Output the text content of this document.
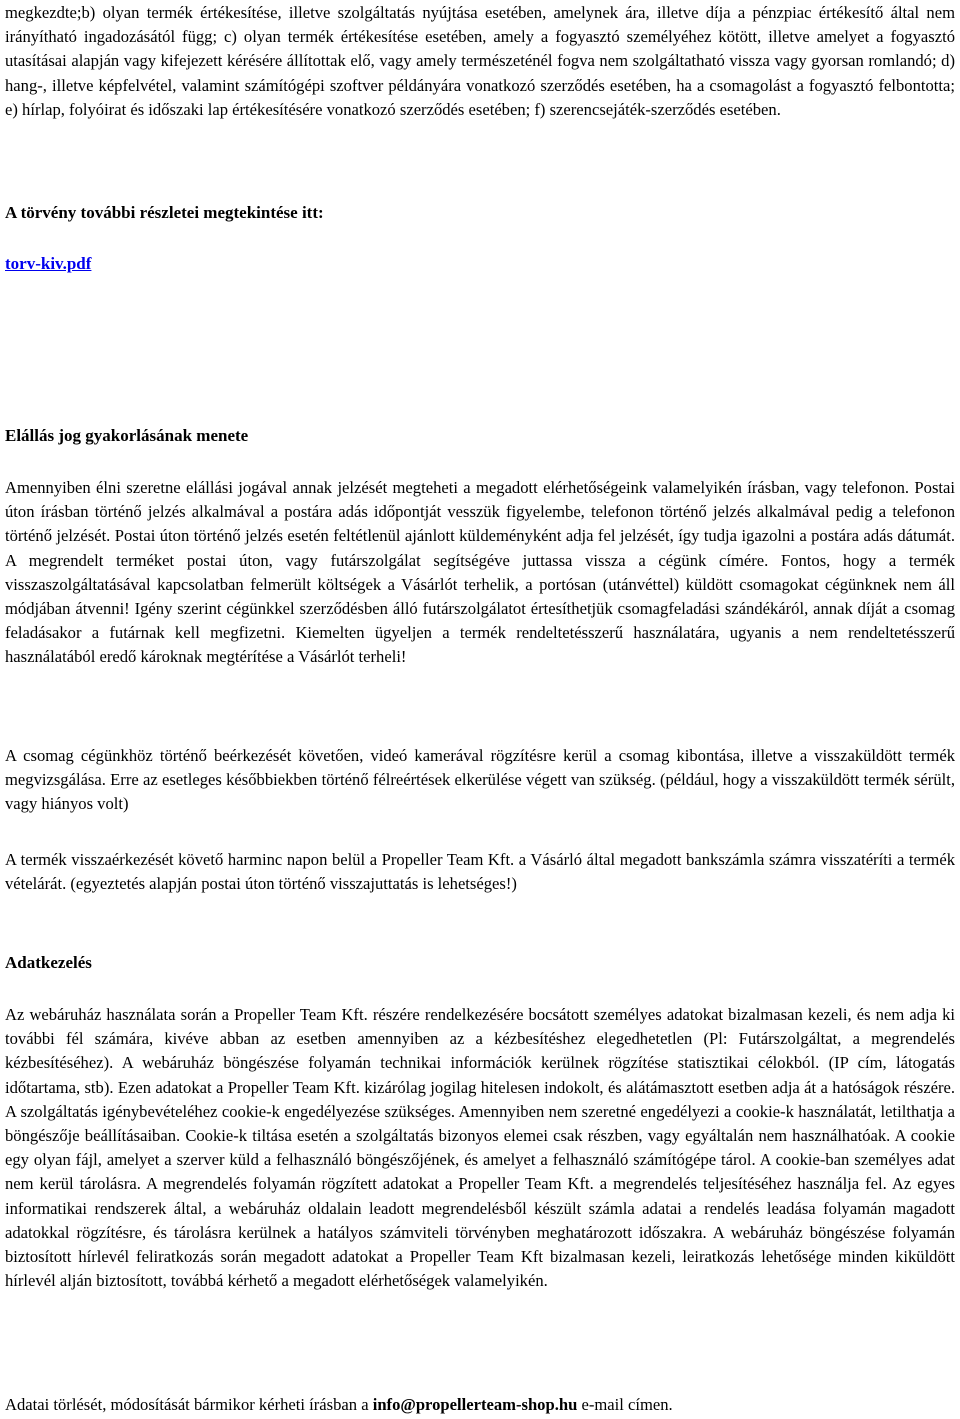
megkezdte;b) olyan termék értékesítése, illetve szolgáltatás nyújtása esetében, amelynek ára, illetve díja a pénzpiac értékesítő által nem irányítható ingadozásától függ; c) olyan termék értékesítése esetében, amely a fogyasztó személyéhez kötött, illetve amelyet a fogyasztó utasításai alapján vagy kifejezett kérésére állítottak elő, vagy amely természeténél fogva nem szolgáltatható vissza vagy gyorsan romlandó; d) hang-, illetve képfelvétel, valamint számítógépi szoftver példányára vonatkozó szerződés esetében, ha a csomagolást a fogyasztó felbontotta; e) hírlap, folyóirat és időszaki lap értékesítésére vonatkozó szerződés esetében; f) szerencsejáték-szerződés esetében.

A törvény további részletei megtekintése itt:
torv-kiv.pdf
Elállás jog gyakorlásának menete

Amennyiben élni szeretne elállási jogával annak jelzését megteheti a megadott elérhetőségeink valamelyikén írásban, vagy telefonon. Postai úton írásban történő jelzés alkalmával a postára adás időpontját vesszük figyelembe, telefonon történő jelzés alkalmával pedig a telefonon történő jelzését. Postai úton történő jelzés esetén feltétlenül ajánlott küldeményként adja fel jelzését, így tudja igazolni a postára adás dátumát. A megrendelt terméket postai úton, vagy futárszolgálat segítségéve juttassa vissza a cégünk címére. Fontos, hogy a termék visszaszolgáltatásával kapcsolatban felmerült költségek a Vásárlót terhelik, a portósan (utánvéttel) küldött csomagokat cégünknek nem áll módjában átvenni! Igény szerint cégünkkel szerződésben álló futárszolgálatot értesíthetjük csomagfeladási szándékáról, annak díját a csomag feladásakor a futárnak kell megfizetni. Kiemelten ügyeljen a termék rendeltetésszerű használatára, ugyanis a nem rendeltetésszerű használatából eredő károknak megtérítése a Vásárlót terheli!

A csomag cégünkhöz történő beérkezését követően, videó kamerával rögzítésre kerül a csomag kibontása, illetve a visszaküldött termék megvizsgálása. Erre az esetleges későbbiekben történő félreértések elkerülése végett van szükség. (például, hogy a visszaküldött termék sérült, vagy hiányos volt)

A termék visszaérkezését követő harminc napon belül a Propeller Team Kft. a Vásárló által megadott bankszámla számra visszatéríti a termék vételárát. (egyeztetés alapján postai úton történő visszajuttatás is lehetséges!)

Adatkezelés

Az webáruház használata során a Propeller Team Kft. részére rendelkezésére bocsátott személyes adatokat bizalmasan kezeli, és nem adja ki további fél számára, kivéve abban az esetben amennyiben az a kézbesítéshez elegedhetetlen (Pl: Futárszolgáltat, a megrendelés kézbesítéséhez). A webáruház böngészése folyamán technikai információk kerülnek rögzítése statisztikai célokból. (IP cím, látogatás időtartama, stb). Ezen adatokat a Propeller Team Kft. kizárólag jogilag hitelesen indokolt, és alátámasztott esetben adja át a hatóságok részére. A szolgáltatás igénybevételéhez cookie-k engedélyezése szükséges. Amennyiben nem szeretné engedélyezi a cookie-k használatát, letilthatja a böngészője beállításaiban. Cookie-k tiltása esetén a szolgáltatás bizonyos elemei csak részben, vagy egyáltalán nem használhatóak. A cookie egy olyan fájl, amelyet a szerver küld a felhasználó böngészőjének, és amelyet a felhasználó számítógépe tárol. A cookie-ban személyes adat nem kerül tárolásra. A megrendelés folyamán rögzített adatokat a Propeller Team Kft. a megrendelés teljesítéséhez használja fel. Az egyes informatikai rendszerek által, a webáruház oldalain leadott megrendelésből készült számla adatai a rendelés leadása folyamán magadott adatokkal rögzítésre, és tárolásra kerülnek a hatályos számviteli törvényben meghatározott időszakra. A webáruház böngészése folyamán biztosított hírlevél feliratkozás során megadott adatokat a Propeller Team Kft bizalmasan kezeli, leiratkozás lehetősége minden kiküldött hírlevél alján biztosított, továbbá kérhető a megadott elérhetőségek valamelyikén.

Adatai törlését, módosítását bármikor kérheti írásban a info@propellerteam-shop.hu e-mail címen.
